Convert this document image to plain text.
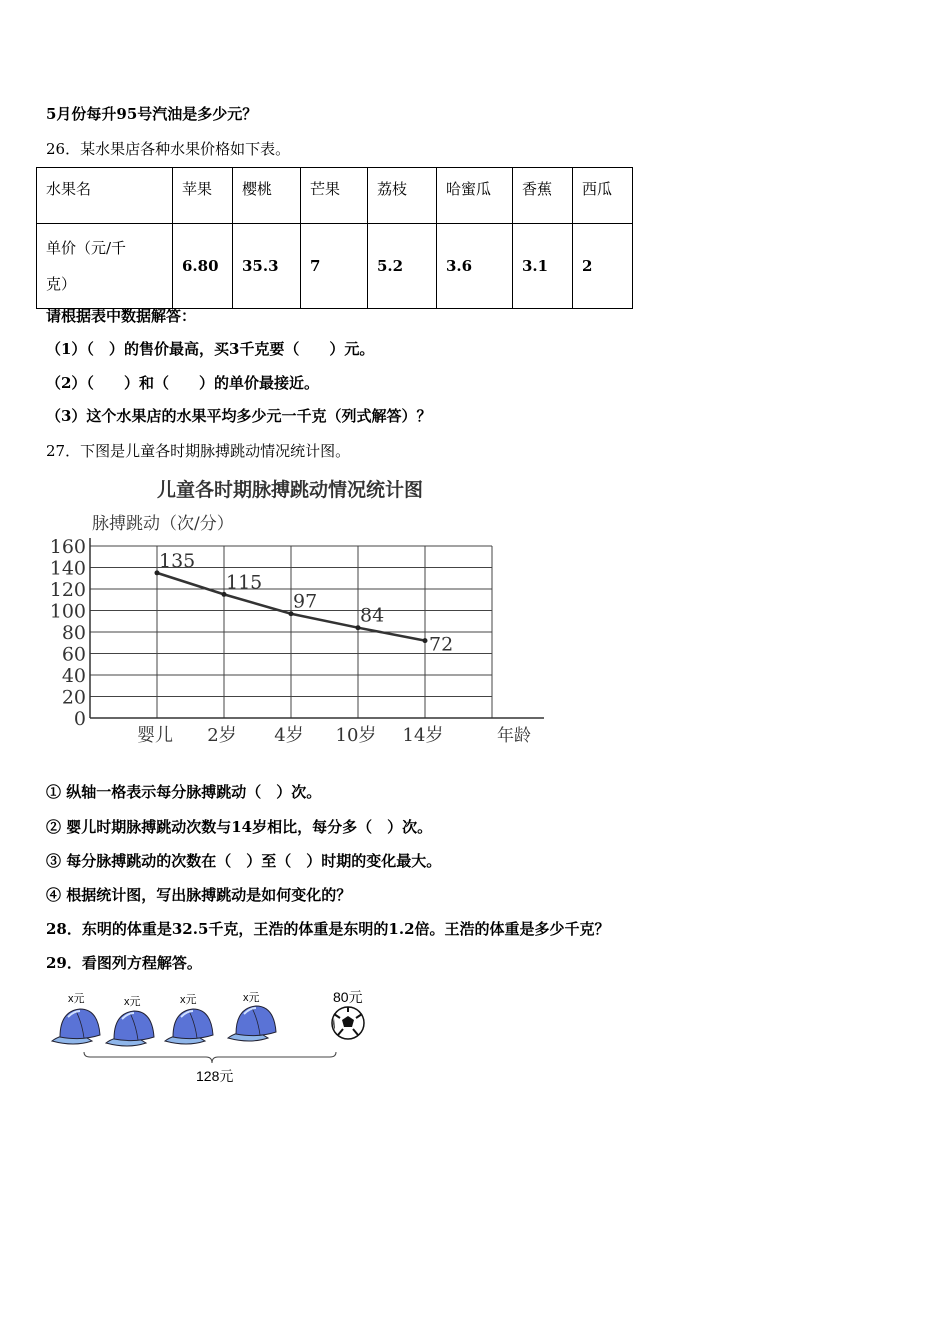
5月份每升95号汽油是多少元？
26．某水果店各种水果价格如下表。
水果名	苹果	樱桃	芒果	荔枝	哈蜜瓜	香蕉	西瓜

单价（元/千克）	6.80	35.3	7	5.2	3.6	3.1	2
请根据表中数据解答：
（1）（　）的售价最高，买3千克要（　　）元。
（2）（　　）和（　　）的单价最接近。
（3）这个水果店的水果平均多少元一千克（列式解答）？
27．下图是儿童各时期脉搏跳动情况统计图。
儿童各时期脉搏跳动情况统计图
脉搏跳动（次/分）
0
20
40
60
80
100
120
140
160
婴儿 2岁 4岁 10岁 14岁
135
115
97
84
72
年龄
① 纵轴一格表示每分脉搏跳动（　）次。
② 婴儿时期脉搏跳动次数与14岁相比，每分多（　）次。
③ 每分脉搏跳动的次数在（　）至（　）时期的变化最大。
④ 根据统计图，写出脉搏跳动是如何变化的？
28．东明的体重是32.5千克，王浩的体重是东明的1.2倍。王浩的体重是多少千克？
29．看图列方程解答。
x元	x元	x元	x元	80元
128元
